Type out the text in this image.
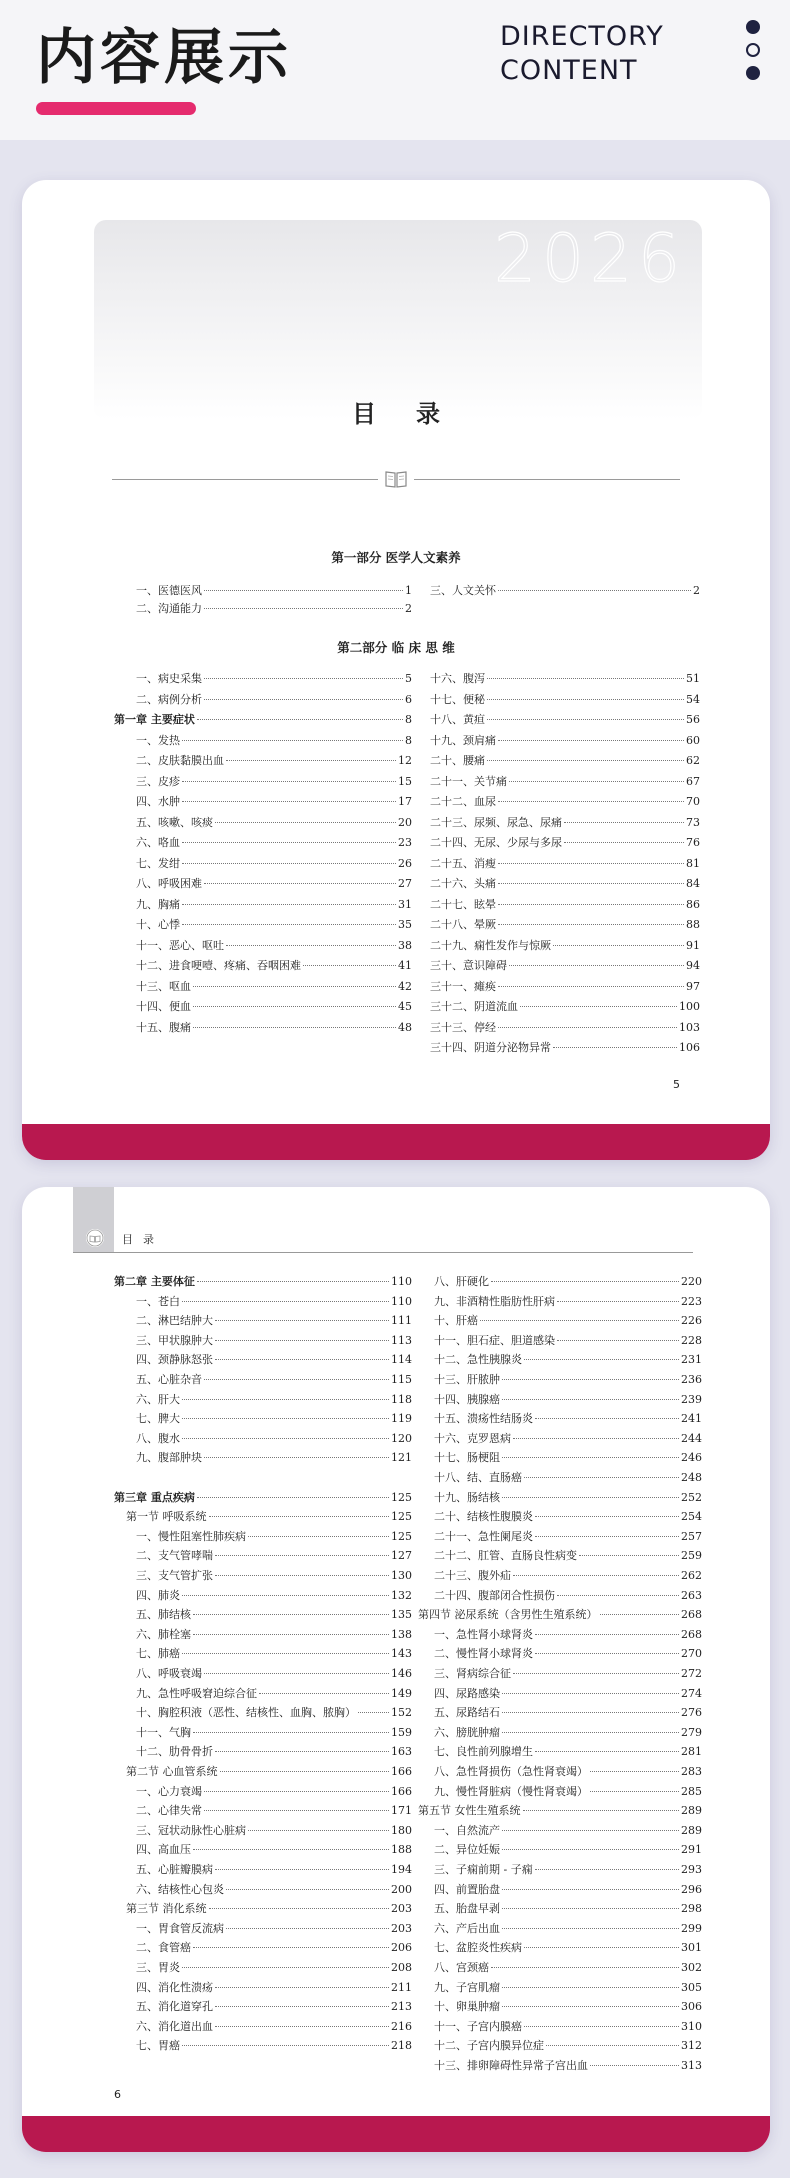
内容展示	DIRECTORY
CONTENT
2026
目录
第一部分 医学人文素养
一、医德医风	1
二、沟通能力	2
三、人文关怀	2
第二部分 临 床 思 维
一、病史采集	5
二、病例分析	6
第一章 主要症状	8
一、发热	8
二、皮肤黏膜出血	12
三、皮疹	15
四、水肿	17
五、咳嗽、咳痰	20
六、咯血	23
七、发绀	26
八、呼吸困难	27
九、胸痛	31
十、心悸	35
十一、恶心、呕吐	38
十二、进食哽噎、疼痛、吞咽困难	41
十三、呕血	42
十四、便血	45
十五、腹痛	48
十六、腹泻	51
十七、便秘	54
十八、黄疸	56
十九、颈肩痛	60
二十、腰痛	62
二十一、关节痛	67
二十二、血尿	70
二十三、尿频、尿急、尿痛	73
二十四、无尿、少尿与多尿	76
二十五、消瘦	81
二十六、头痛	84
二十七、眩晕	86
二十八、晕厥	88
二十九、痫性发作与惊厥	91
三十、意识障碍	94
三十一、瘫痪	97
三十二、阴道流血	100
三十三、停经	103
三十四、阴道分泌物异常	106
5
目录
第二章 主要体征	110
一、苍白	110
二、淋巴结肿大	111
三、甲状腺肿大	113
四、颈静脉怒张	114
五、心脏杂音	115
六、肝大	118
七、脾大	119
八、腹水	120
九、腹部肿块	121
第三章 重点疾病	125
第一节 呼吸系统	125
一、慢性阻塞性肺疾病	125
二、支气管哮喘	127
三、支气管扩张	130
四、肺炎	132
五、肺结核	135
六、肺栓塞	138
七、肺癌	143
八、呼吸衰竭	146
九、急性呼吸窘迫综合征	149
十、胸腔积液（恶性、结核性、血胸、脓胸）	152
十一、气胸	159
十二、肋骨骨折	163
第二节 心血管系统	166
一、心力衰竭	166
二、心律失常	171
三、冠状动脉性心脏病	180
四、高血压	188
五、心脏瓣膜病	194
六、结核性心包炎	200
第三节 消化系统	203
一、胃食管反流病	203
二、食管癌	206
三、胃炎	208
四、消化性溃疡	211
五、消化道穿孔	213
六、消化道出血	216
七、胃癌	218
八、肝硬化	220
九、非酒精性脂肪性肝病	223
十、肝癌	226
十一、胆石症、胆道感染	228
十二、急性胰腺炎	231
十三、肝脓肿	236
十四、胰腺癌	239
十五、溃疡性结肠炎	241
十六、克罗恩病	244
十七、肠梗阻	246
十八、结、直肠癌	248
十九、肠结核	252
二十、结核性腹膜炎	254
二十一、急性阑尾炎	257
二十二、肛管、直肠良性病变	259
二十三、腹外疝	262
二十四、腹部闭合性损伤	263
第四节 泌尿系统（含男性生殖系统）	268
一、急性肾小球肾炎	268
二、慢性肾小球肾炎	270
三、肾病综合征	272
四、尿路感染	274
五、尿路结石	276
六、膀胱肿瘤	279
七、良性前列腺增生	281
八、急性肾损伤（急性肾衰竭）	283
九、慢性肾脏病（慢性肾衰竭）	285
第五节 女性生殖系统	289
一、自然流产	289
二、异位妊娠	291
三、子痫前期 - 子痫	293
四、前置胎盘	296
五、胎盘早剥	298
六、产后出血	299
七、盆腔炎性疾病	301
八、宫颈癌	302
九、子宫肌瘤	305
十、卵巢肿瘤	306
十一、子宫内膜癌	310
十二、子宫内膜异位症	312
十三、排卵障碍性异常子宫出血	313
6
